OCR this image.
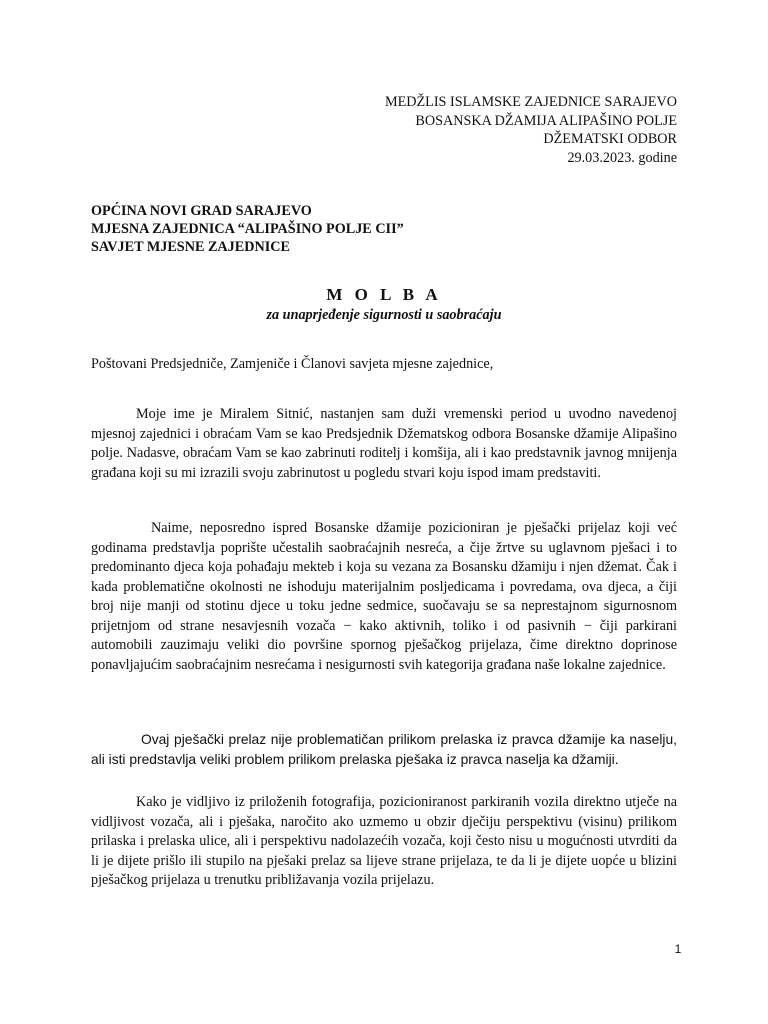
MEDŽLIS ISLAMSKE ZAJEDNICE SARAJEVO
BOSANSKA DŽAMIJA ALIPAŠINO POLJE
DŽEMATSKI ODBOR
29.03.2023. godine
OPĆINA NOVI GRAD SARAJEVO
MJESNA ZAJEDNICA “ALIPAŠINO POLJE CII”
SAVJET MJESNE ZAJEDNICE
M O L B A
za unaprjeđenje sigurnosti u saobraćaju
Poštovani Predsjedniče, Zamjeniče i Članovi savjeta mjesne zajednice,
Moje ime je Miralem Sitnić, nastanjen sam duži vremenski period u uvodno navedenoj mjesnoj zajednici i obraćam Vam se kao Predsjednik Džematskog odbora Bosanske džamije Alipašino polje. Nadasve, obraćam Vam se kao zabrinuti roditelj i komšija, ali i kao predstavnik javnog mnijenja građana koji su mi izrazili svoju zabrinutost u pogledu stvari koju ispod imam predstaviti.
Naime, neposredno ispred Bosanske džamije pozicioniran je pješački prijelaz koji već godinama predstavlja poprište učestalih saobraćajnih nesreća, a čije žrtve su uglavnom pješaci i to predominanto djeca koja pohađaju mekteb i koja su vezana za Bosansku džamiju i njen džemat. Čak i kada problematične okolnosti ne ishoduju materijalnim posljedicama i povredama, ova djeca, a čiji broj nije manji od stotinu djece u toku jedne sedmice, suočavaju se sa neprestajnom sigurnosnom prijetnjom od strane nesavjesnih vozača − kako aktivnih, toliko i od pasivnih − čiji parkirani automobili zauzimaju veliki dio površine spornog pješačkog prijelaza, čime direktno doprinose ponavljajućim saobraćajnim nesrećama i nesigurnosti svih kategorija građana naše lokalne zajednice.
Ovaj pješački prelaz nije problematičan prilikom prelaska iz pravca džamije ka naselju, ali isti predstavlja veliki problem prilikom prelaska pješaka iz pravca naselja ka džamiji.
Kako je vidljivo iz priloženih fotografija, pozicioniranost parkiranih vozila direktno utječe na vidljivost vozača, ali i pješaka, naročito ako uzmemo u obzir dječiju perspektivu (visinu) prilikom prilaska i prelaska ulice, ali i perspektivu nadolazećih vozača, koji često nisu u mogućnosti utvrditi da li je dijete prišlo ili stupilo na pješaki prelaz sa lijeve strane prijelaza, te da li je dijete uopće u blizini pješačkog prijelaza u trenutku približavanja vozila prijelazu.
1
